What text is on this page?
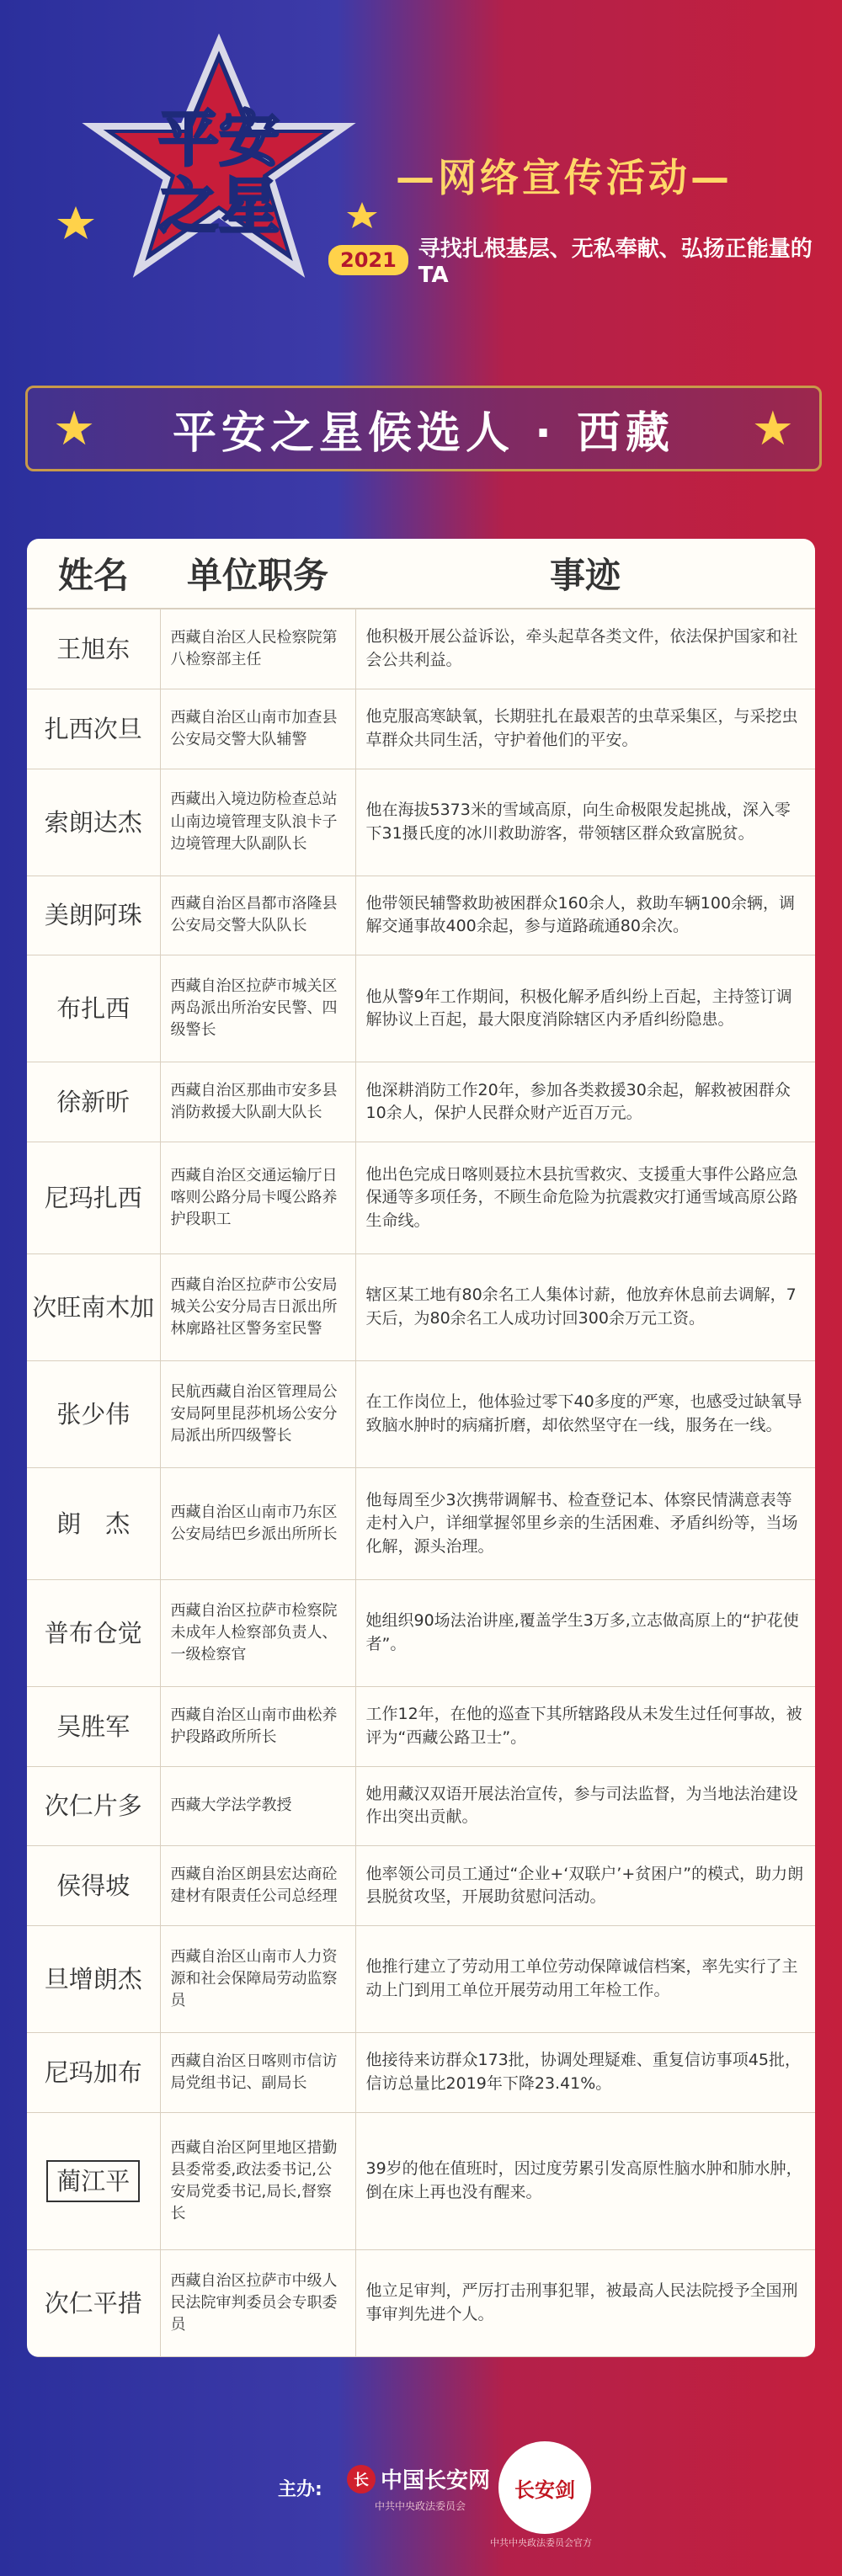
平安
之星	—网络宣传活动—
2021	寻找扎根基层、无私奉献、弘扬正能量的TA
★ 平安之星候选人 · 西藏 ★
姓名	单位职务	事迹
王旭东	西藏自治区人民检察院第八检察部主任	他积极开展公益诉讼，牵头起草各类文件，依法保护国家和社会公共利益。
扎西次旦	西藏自治区山南市加查县公安局交警大队辅警	他克服高寒缺氧，长期驻扎在最艰苦的虫草采集区，与采挖虫草群众共同生活，守护着他们的平安。
索朗达杰	西藏出入境边防检查总站山南边境管理支队浪卡子边境管理大队副队长	他在海拔5373米的雪域高原，向生命极限发起挑战，深入零下31摄氏度的冰川救助游客，带领辖区群众致富脱贫。
美朗阿珠	西藏自治区昌都市洛隆县公安局交警大队队长	他带领民辅警救助被困群众160余人，救助车辆100余辆，调解交通事故400余起，参与道路疏通80余次。
布扎西	西藏自治区拉萨市城关区两岛派出所治安民警、四级警长	他从警9年工作期间，积极化解矛盾纠纷上百起，主持签订调解协议上百起，最大限度消除辖区内矛盾纠纷隐患。
徐新昕	西藏自治区那曲市安多县消防救援大队副大队长	他深耕消防工作20年，参加各类救援30余起，解救被困群众10余人，保护人民群众财产近百万元。
尼玛扎西	西藏自治区交通运输厅日喀则公路分局卡嘎公路养护段职工	他出色完成日喀则聂拉木县抗雪救灾、支援重大事件公路应急保通等多项任务，不顾生命危险为抗震救灾打通雪域高原公路生命线。
次旺南木加	西藏自治区拉萨市公安局城关公安分局吉日派出所林廓路社区警务室民警	辖区某工地有80余名工人集体讨薪，他放弃休息前去调解，7天后，为80余名工人成功讨回300余万元工资。
张少伟	民航西藏自治区管理局公安局阿里昆莎机场公安分局派出所四级警长	在工作岗位上，他体验过零下40多度的严寒，也感受过缺氧导致脑水肿时的病痛折磨，却依然坚守在一线，服务在一线。
朗　杰	西藏自治区山南市乃东区公安局结巴乡派出所所长	他每周至少3次携带调解书、检查登记本、体察民情满意表等走村入户，详细掌握邻里乡亲的生活困难、矛盾纠纷等，当场化解，源头治理。
普布仓觉	西藏自治区拉萨市检察院未成年人检察部负责人、一级检察官	她组织90场法治讲座,覆盖学生3万多,立志做高原上的“护花使者”。
吴胜军	西藏自治区山南市曲松养护段路政所所长	工作12年，在他的巡查下其所辖路段从未发生过任何事故，被评为“西藏公路卫士”。
次仁片多	西藏大学法学教授	她用藏汉双语开展法治宣传，参与司法监督，为当地法治建设作出突出贡献。
侯得坡	西藏自治区朗县宏达商砼建材有限责任公司总经理	他率领公司员工通过“企业+‘双联户’+贫困户”的模式，助力朗县脱贫攻坚，开展助贫慰问活动。
旦增朗杰	西藏自治区山南市人力资源和社会保障局劳动监察员	他推行建立了劳动用工单位劳动保障诚信档案，率先实行了主动上门到用工单位开展劳动用工年检工作。
尼玛加布	西藏自治区日喀则市信访局党组书记、副局长	他接待来访群众173批，协调处理疑难、重复信访事项45批，信访总量比2019年下降23.41%。
蔺江平	西藏自治区阿里地区措勤县委常委,政法委书记,公安局党委书记,局长,督察长	39岁的他在值班时，因过度劳累引发高原性脑水肿和肺水肿，倒在床上再也没有醒来。
次仁平措	西藏自治区拉萨市中级人民法院审判委员会专职委员	他立足审判，严厉打击刑事犯罪，被最高人民法院授予全国刑事审判先进个人。
主办:	长 中国长安网
中共中央政法委员会
长安剑
中共中央政法委员会官方
